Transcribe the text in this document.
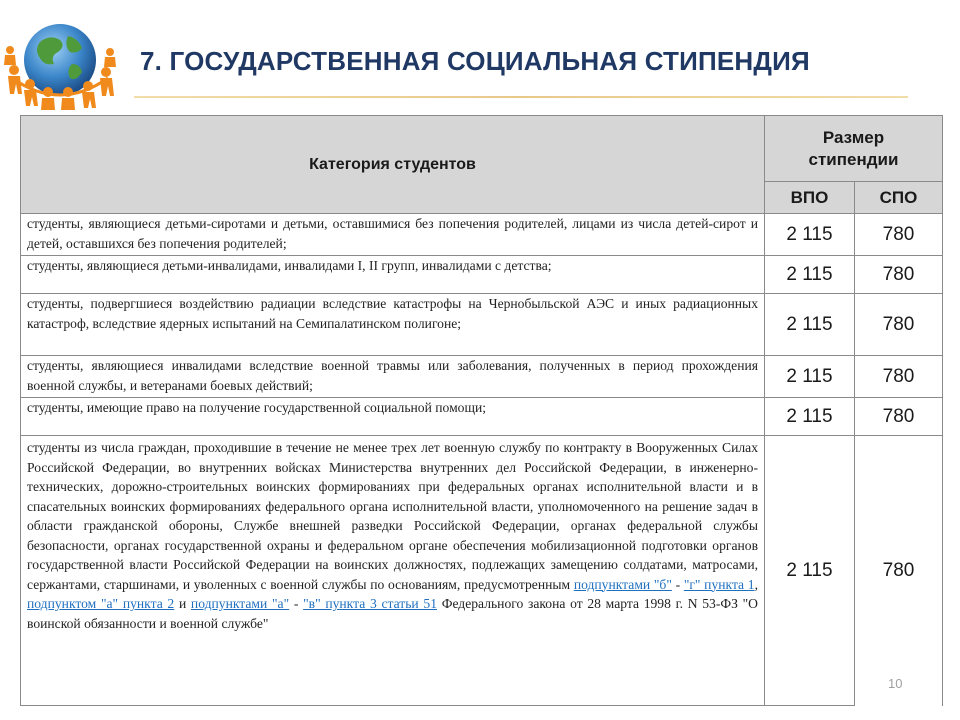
7. ГОСУДАРСТВЕННАЯ СОЦИАЛЬНАЯ СТИПЕНДИЯ
Категория студентов	Размер стипендии	
	ВПО	СПО
студенты, являющиеся детьми-сиротами и детьми, оставшимися без попечения родителей, лицами из числа детей-сирот и детей, оставшихся без попечения родителей;	2 115	780
студенты, являющиеся детьми-инвалидами, инвалидами I, II групп, инвалидами с детства;	2 115	780
студенты, подвергшиеся воздействию радиации вследствие катастрофы на Чернобыльской АЭС и иных радиационных катастроф, вследствие ядерных испытаний на Семипалатинском полигоне;	2 115	780
студенты, являющиеся инвалидами вследствие военной травмы или заболевания, полученных в период прохождения военной службы, и ветеранами боевых действий;	2 115	780
студенты, имеющие право на получение государственной социальной помощи;	2 115	780
студенты из числа граждан, проходившие в течение не менее трех лет военную службу по контракту в Вооруженных Силах Российской Федерации, во внутренних войсках Министерства внутренних дел Российской Федерации, в инженерно-технических, дорожно-строительных воинских формированиях при федеральных органах исполнительной власти и в спасательных воинских формированиях федерального органа исполнительной власти, уполномоченного на решение задач в области гражданской обороны, Службе внешней разведки Российской Федерации, органах федеральной службы безопасности, органах государственной охраны и федеральном органе обеспечения мобилизационной подготовки органов государственной власти Российской Федерации на воинских должностях, подлежащих замещению солдатами, матросами, сержантами, старшинами, и уволенных с военной службы по основаниям, предусмотренным подпунктами "б" - "г" пункта 1, подпунктом "а" пункта 2 и подпунктами "а" - "в" пункта 3 статьи 51 Федерального закона от 28 марта 1998 г. N 53-ФЗ "О воинской обязанности и военной службе"	2 115	780
10
